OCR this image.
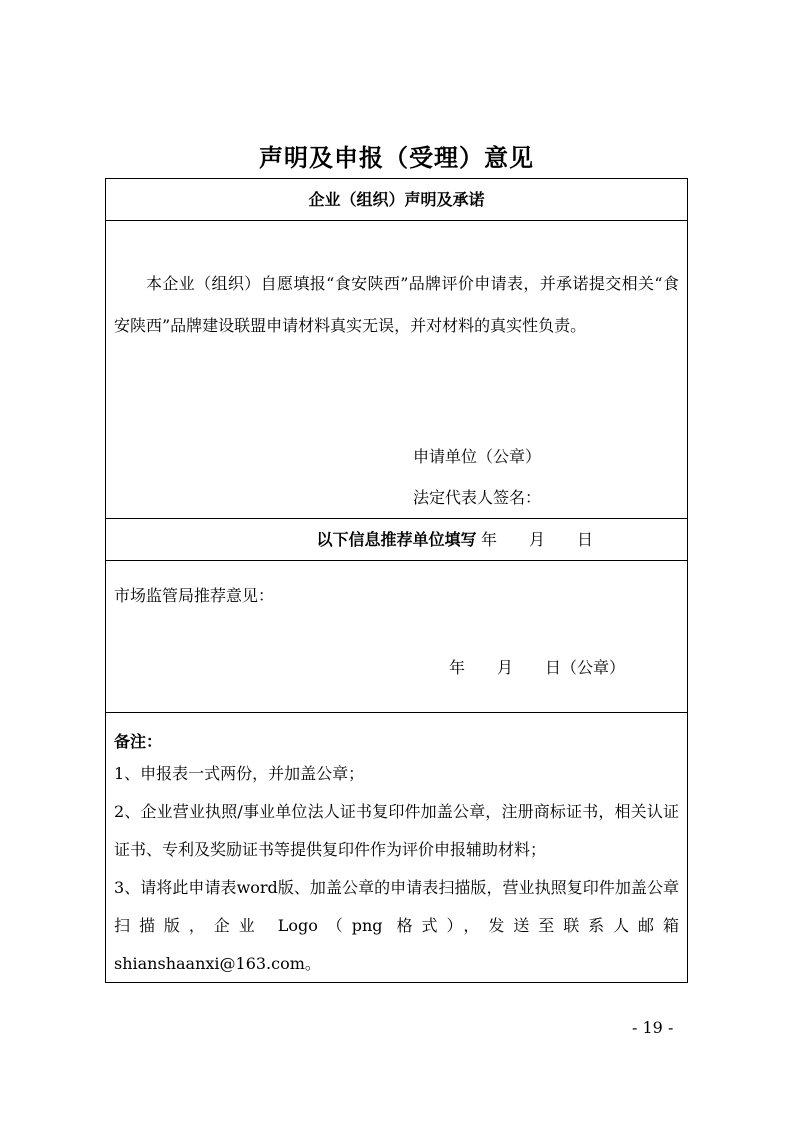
声明及申报（受理）意见
企业（组织）声明及承诺

本企业（组织）自愿填报“食安陕西”品牌评价申请表，并承诺提交相关“食安陕西”品牌建设联盟申请材料真实无误，并对材料的真实性负责。

申请单位（公章）

法定代表人签名：

年　　月　　日

以下信息推荐单位填写

市场监管局推荐意见：

年　　月　　日（公章）

备注：

1、申报表一式两份，并加盖公章；
2、企业营业执照/事业单位法人证书复印件加盖公章，注册商标证书，相关认证证书、专利及奖励证书等提供复印件作为评价申报辅助材料；
3、请将此申请表word版、加盖公章的申请表扫描版，营业执照复印件加盖公章扫描版，企业 Logo（png 格式），发送至联系人邮箱shianshaanxi@163.com。
- 19 -
